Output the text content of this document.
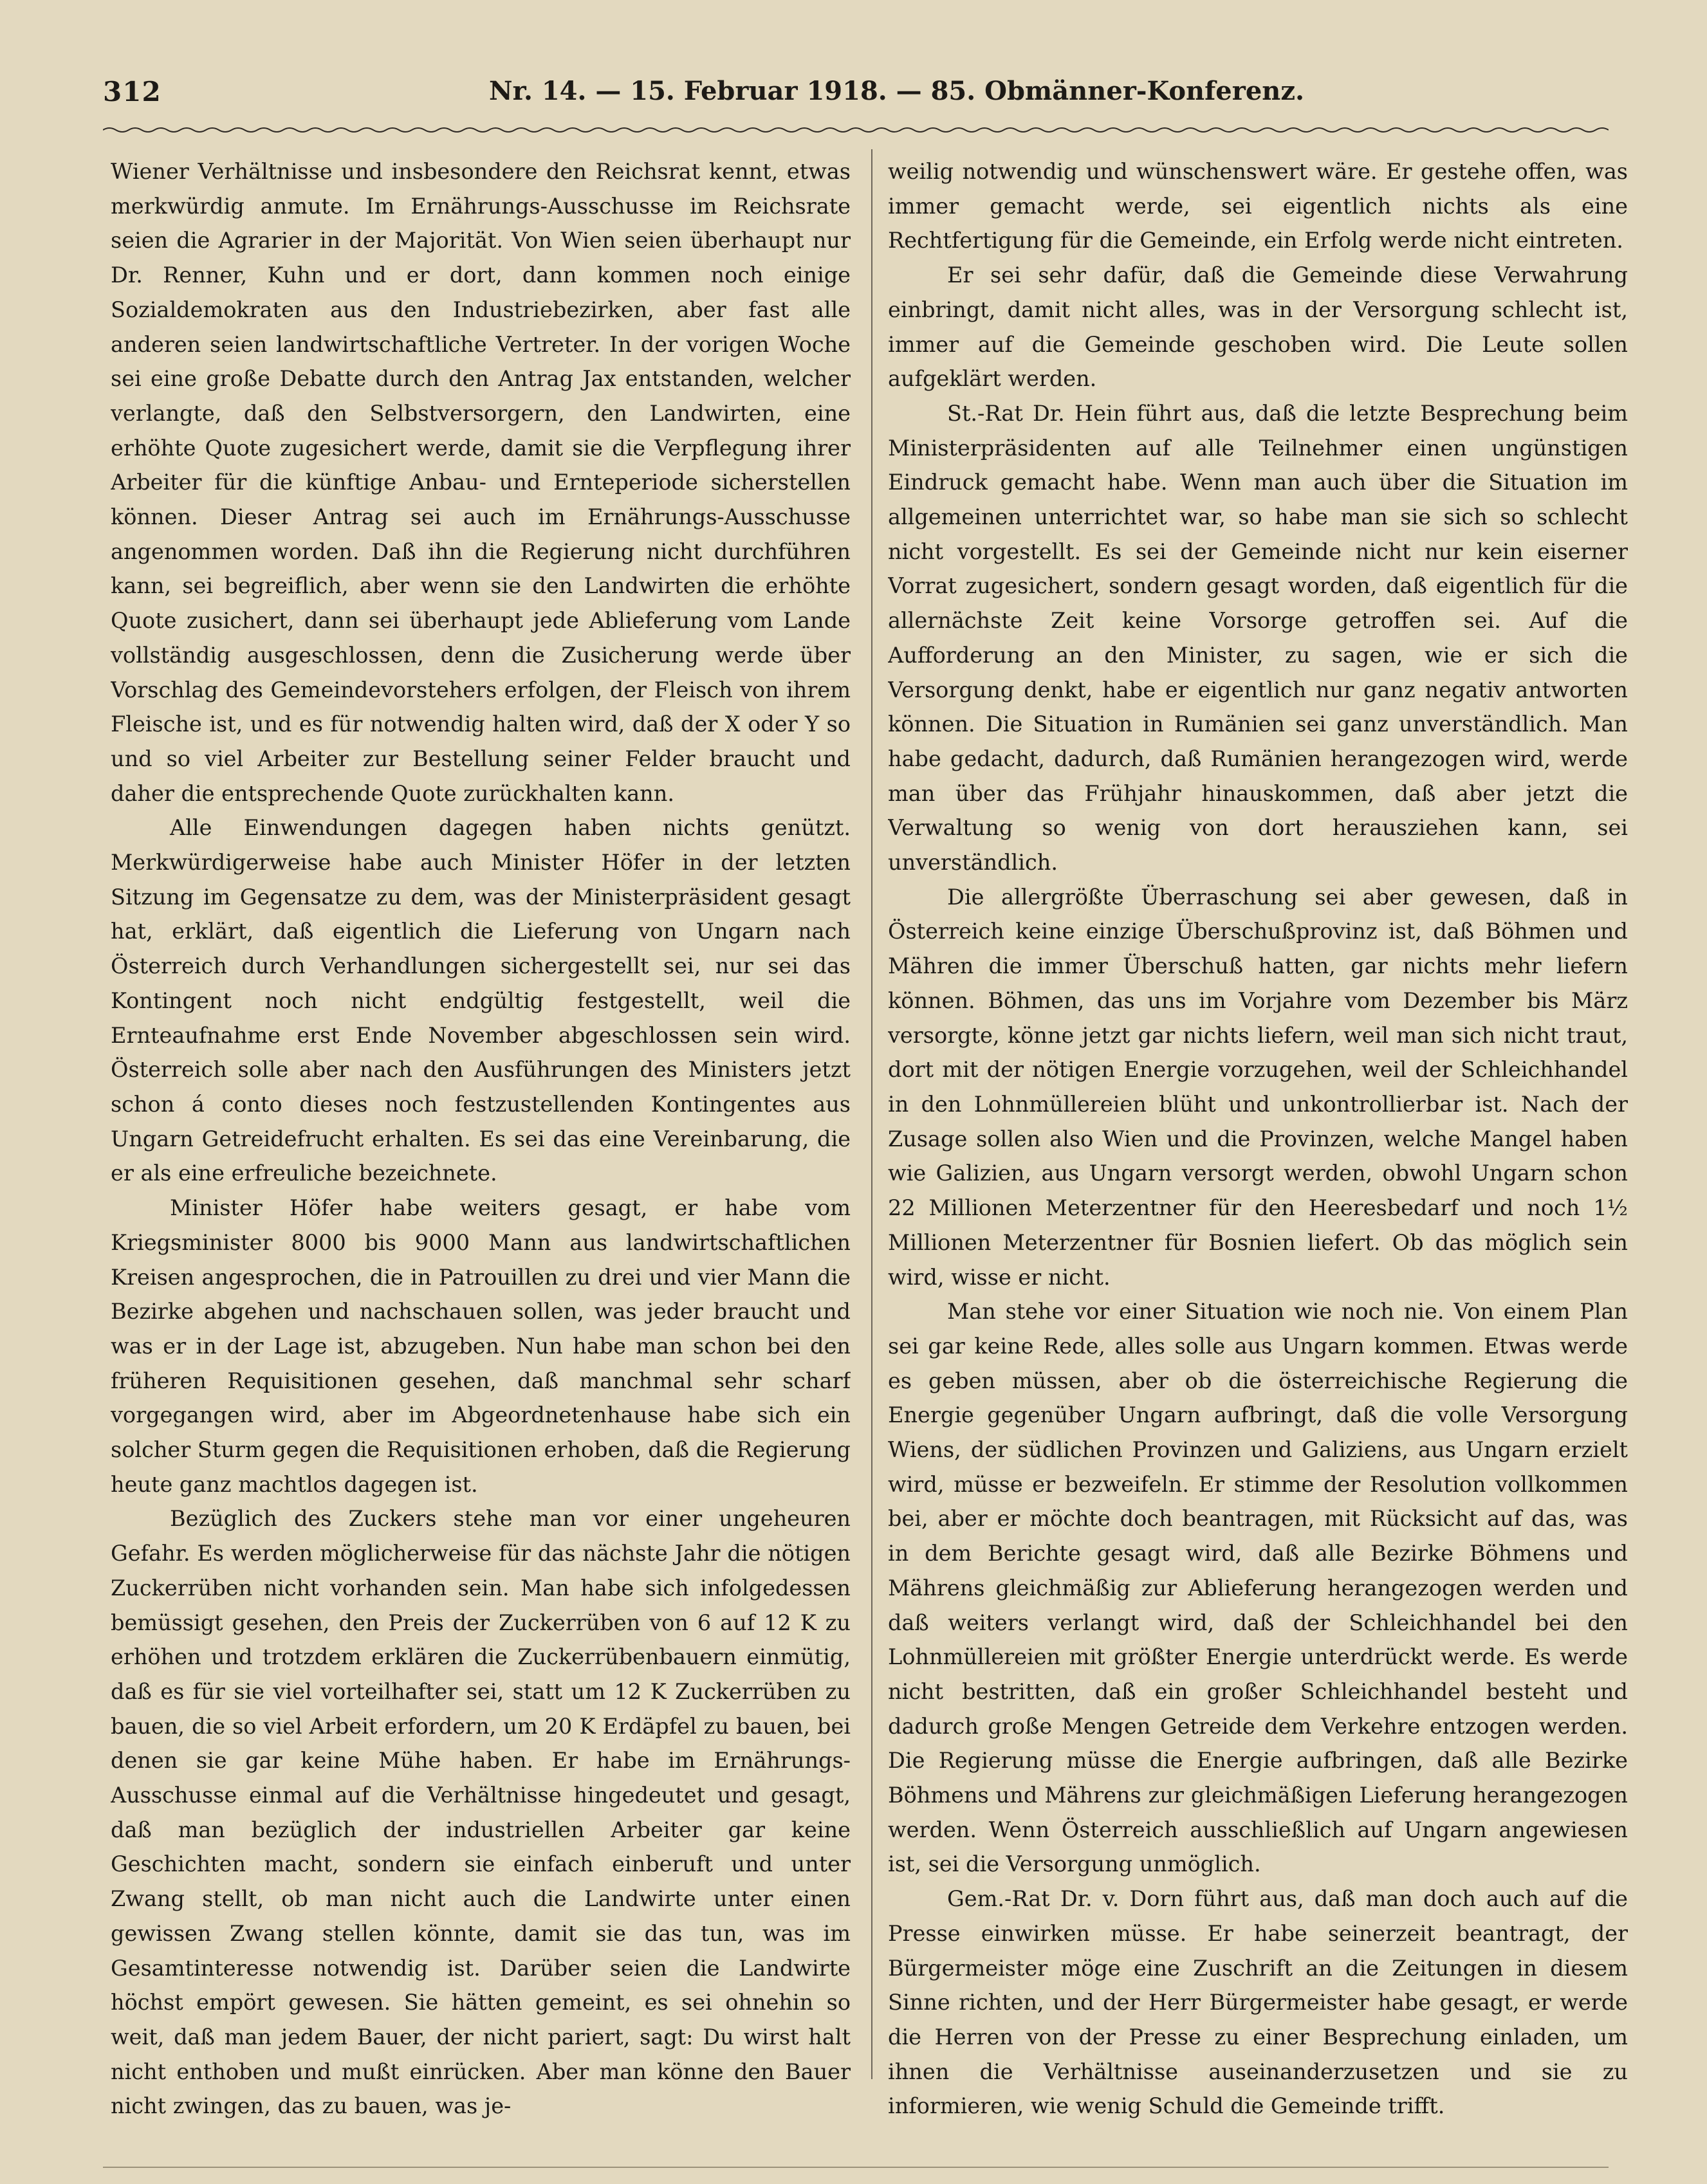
312	Nr. 14. — 15. Februar 1918. — 85. Obmänner-Konferenz.

Wiener Verhältnisse und insbesondere den Reichsrat kennt, etwas merkwürdig anmute. Im Ernährungs-Ausschusse im Reichsrate seien die Agrarier in der Majorität. Von Wien seien überhaupt nur Dr. Renner, Kuhn und er dort, dann kommen noch einige Sozialdemokraten aus den Industriebezirken, aber fast alle anderen seien landwirtschaftliche Vertreter. In der vorigen Woche sei eine große Debatte durch den Antrag Jax entstanden, welcher verlangte, daß den Selbstversorgern, den Landwirten, eine erhöhte Quote zugesichert werde, damit sie die Verpflegung ihrer Arbeiter für die künftige Anbau- und Ernteperiode sicherstellen können. Dieser Antrag sei auch im Ernährungs-Ausschusse angenommen worden. Daß ihn die Regierung nicht durchführen kann, sei begreiflich, aber wenn sie den Landwirten die erhöhte Quote zusichert, dann sei überhaupt jede Ablieferung vom Lande vollständig ausgeschlossen, denn die Zusicherung werde über Vorschlag des Gemeindevorstehers erfolgen, der Fleisch von ihrem Fleische ist, und es für notwendig halten wird, daß der X oder Y so und so viel Arbeiter zur Bestellung seiner Felder braucht und daher die entsprechende Quote zurückhalten kann.

Alle Einwendungen dagegen haben nichts genützt. Merkwürdigerweise habe auch Minister Höfer in der letzten Sitzung im Gegensatze zu dem, was der Ministerpräsident gesagt hat, erklärt, daß eigentlich die Lieferung von Ungarn nach Österreich durch Verhandlungen sichergestellt sei, nur sei das Kontingent noch nicht endgültig festgestellt, weil die Ernteaufnahme erst Ende November abgeschlossen sein wird. Österreich solle aber nach den Ausführungen des Ministers jetzt schon á conto dieses noch festzustellenden Kontingentes aus Ungarn Getreidefrucht erhalten. Es sei das eine Vereinbarung, die er als eine erfreuliche bezeichnete.

Minister Höfer habe weiters gesagt, er habe vom Kriegsminister 8000 bis 9000 Mann aus landwirtschaftlichen Kreisen angesprochen, die in Patrouillen zu drei und vier Mann die Bezirke abgehen und nachschauen sollen, was jeder braucht und was er in der Lage ist, abzugeben. Nun habe man schon bei den früheren Requisitionen gesehen, daß manchmal sehr scharf vorgegangen wird, aber im Abgeordnetenhause habe sich ein solcher Sturm gegen die Requisitionen erhoben, daß die Regierung heute ganz machtlos dagegen ist.

Bezüglich des Zuckers stehe man vor einer ungeheuren Gefahr. Es werden möglicherweise für das nächste Jahr die nötigen Zuckerrüben nicht vorhanden sein. Man habe sich infolgedessen bemüssigt gesehen, den Preis der Zuckerrüben von 6 auf 12 K zu erhöhen und trotzdem erklären die Zuckerrübenbauern einmütig, daß es für sie viel vorteilhafter sei, statt um 12 K Zuckerrüben zu bauen, die so viel Arbeit erfordern, um 20 K Erdäpfel zu bauen, bei denen sie gar keine Mühe haben. Er habe im Ernährungs-Ausschusse einmal auf die Verhältnisse hingedeutet und gesagt, daß man bezüglich der industriellen Arbeiter gar keine Geschichten macht, sondern sie einfach einberuft und unter Zwang stellt, ob man nicht auch die Landwirte unter einen gewissen Zwang stellen könnte, damit sie das tun, was im Gesamtinteresse notwendig ist. Darüber seien die Landwirte höchst empört gewesen. Sie hätten gemeint, es sei ohnehin so weit, daß man jedem Bauer, der nicht pariert, sagt: Du wirst halt nicht enthoben und mußt einrücken. Aber man könne den Bauer nicht zwingen, das zu bauen, was je-

weilig notwendig und wünschenswert wäre. Er gestehe offen, was immer gemacht werde, sei eigentlich nichts als eine Rechtfertigung für die Gemeinde, ein Erfolg werde nicht eintreten.

Er sei sehr dafür, daß die Gemeinde diese Verwahrung einbringt, damit nicht alles, was in der Versorgung schlecht ist, immer auf die Gemeinde geschoben wird. Die Leute sollen aufgeklärt werden.

St.-Rat Dr. Hein führt aus, daß die letzte Besprechung beim Ministerpräsidenten auf alle Teilnehmer einen ungünstigen Eindruck gemacht habe. Wenn man auch über die Situation im allgemeinen unterrichtet war, so habe man sie sich so schlecht nicht vorgestellt. Es sei der Gemeinde nicht nur kein eiserner Vorrat zugesichert, sondern gesagt worden, daß eigentlich für die allernächste Zeit keine Vorsorge getroffen sei. Auf die Aufforderung an den Minister, zu sagen, wie er sich die Versorgung denkt, habe er eigentlich nur ganz negativ antworten können. Die Situation in Rumänien sei ganz unverständlich. Man habe gedacht, dadurch, daß Rumänien herangezogen wird, werde man über das Frühjahr hinauskommen, daß aber jetzt die Verwaltung so wenig von dort herausziehen kann, sei unverständlich.

Die allergrößte Überraschung sei aber gewesen, daß in Österreich keine einzige Überschußprovinz ist, daß Böhmen und Mähren die immer Überschuß hatten, gar nichts mehr liefern können. Böhmen, das uns im Vorjahre vom Dezember bis März versorgte, könne jetzt gar nichts liefern, weil man sich nicht traut, dort mit der nötigen Energie vorzugehen, weil der Schleichhandel in den Lohnmüllereien blüht und unkontrollierbar ist. Nach der Zusage sollen also Wien und die Provinzen, welche Mangel haben wie Galizien, aus Ungarn versorgt werden, obwohl Ungarn schon 22 Millionen Meterzentner für den Heeresbedarf und noch 1½ Millionen Meterzentner für Bosnien liefert. Ob das möglich sein wird, wisse er nicht.

Man stehe vor einer Situation wie noch nie. Von einem Plan sei gar keine Rede, alles solle aus Ungarn kommen. Etwas werde es geben müssen, aber ob die österreichische Regierung die Energie gegenüber Ungarn aufbringt, daß die volle Versorgung Wiens, der südlichen Provinzen und Galiziens, aus Ungarn erzielt wird, müsse er bezweifeln. Er stimme der Resolution vollkommen bei, aber er möchte doch beantragen, mit Rücksicht auf das, was in dem Berichte gesagt wird, daß alle Bezirke Böhmens und Mährens gleichmäßig zur Ablieferung herangezogen werden und daß weiters verlangt wird, daß der Schleichhandel bei den Lohnmüllereien mit größter Energie unterdrückt werde. Es werde nicht bestritten, daß ein großer Schleichhandel besteht und dadurch große Mengen Getreide dem Verkehre entzogen werden. Die Regierung müsse die Energie aufbringen, daß alle Bezirke Böhmens und Mährens zur gleichmäßigen Lieferung herangezogen werden. Wenn Österreich ausschließlich auf Ungarn angewiesen ist, sei die Versorgung unmöglich.

Gem.-Rat Dr. v. Dorn führt aus, daß man doch auch auf die Presse einwirken müsse. Er habe seinerzeit beantragt, der Bürgermeister möge eine Zuschrift an die Zeitungen in diesem Sinne richten, und der Herr Bürgermeister habe gesagt, er werde die Herren von der Presse zu einer Besprechung einladen, um ihnen die Verhältnisse auseinanderzusetzen und sie zu informieren, wie wenig Schuld die Gemeinde trifft.
